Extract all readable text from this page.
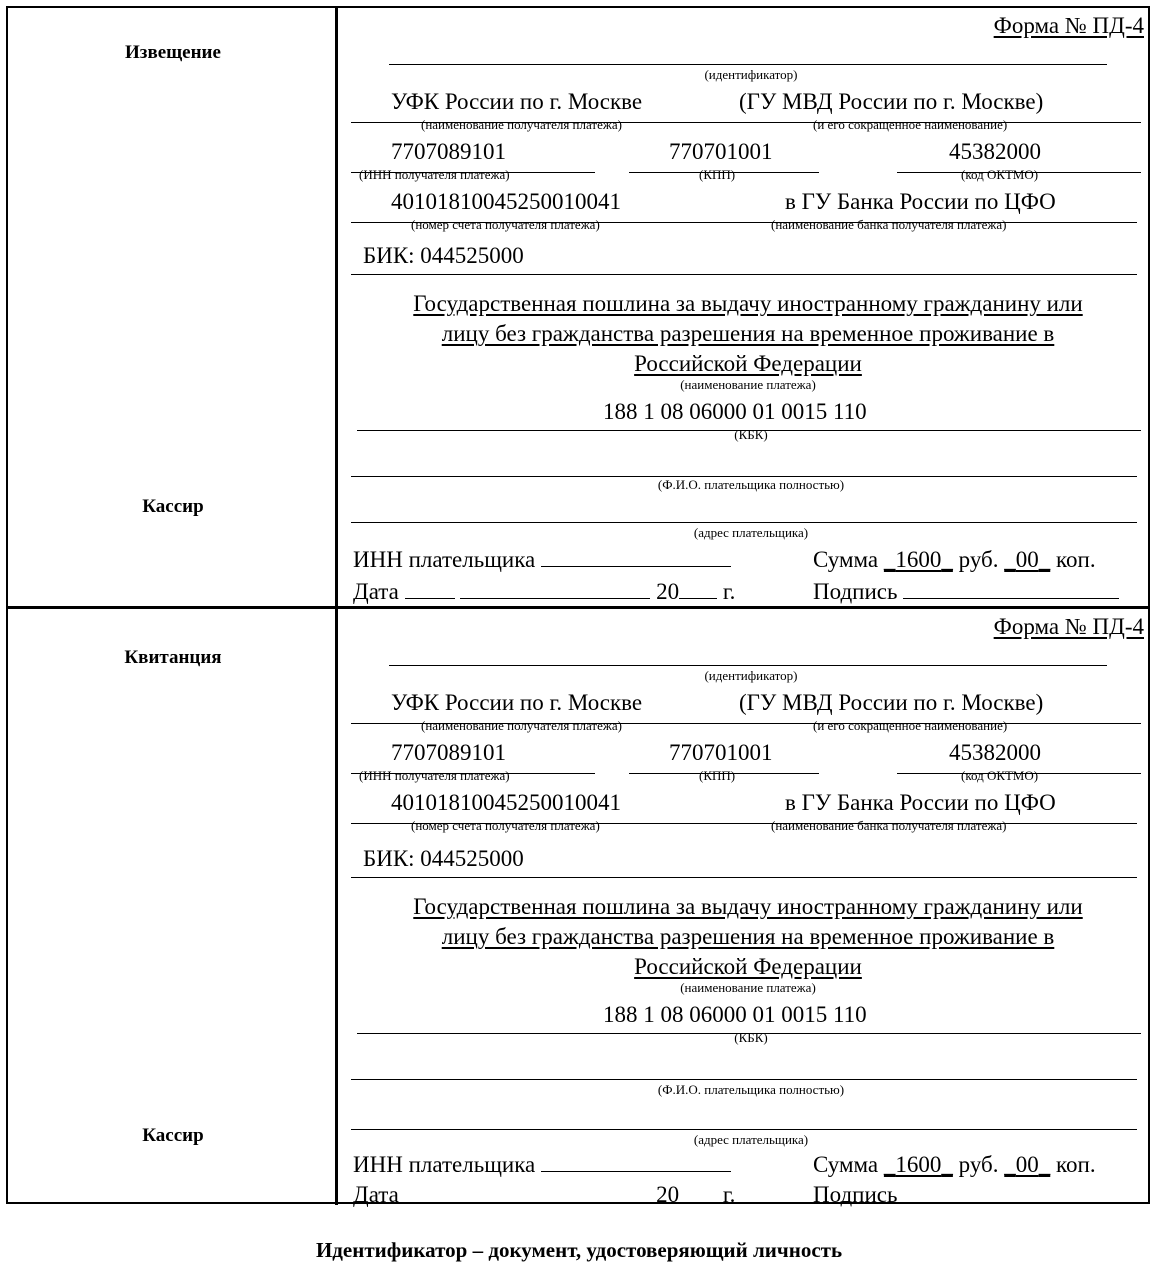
Извещение
Кассир
Форма № ПД-4
(идентификатор)
УФК России по г. Москве	(ГУ МВД России по г. Москве)
(наименование получателя платежа)	(и его сокращенное наименование)
7707089101	770701001	45382000
(ИНН получателя платежа)	(КПП)	(код ОКТМО)
40101810045250010041	в ГУ Банка России по ЦФО
(номер счета получателя платежа)	(наименование банка получателя платежа)
БИК: 044525000
Государственная пошлина за выдачу иностранному гражданину или
лицу без гражданства разрешения на временное проживание в
Российской Федерации
(наименование платежа)
188 1 08 06000 01 0015 110
(КБК)
(Ф.И.О. плательщика полностью)
(адрес плательщика)
ИНН плательщика	Сумма _1600_ руб. _00_ коп.
Дата	20 г.	Подпись
Квитанция
Кассир
Форма № ПД-4
(идентификатор)
УФК России по г. Москве	(ГУ МВД России по г. Москве)
(наименование получателя платежа)	(и его сокращенное наименование)
7707089101	770701001	45382000
(ИНН получателя платежа)	(КПП)	(код ОКТМО)
40101810045250010041	в ГУ Банка России по ЦФО
(номер счета получателя платежа)	(наименование банка получателя платежа)
БИК: 044525000
Государственная пошлина за выдачу иностранному гражданину или
лицу без гражданства разрешения на временное проживание в
Российской Федерации
(наименование платежа)
188 1 08 06000 01 0015 110
(КБК)
(Ф.И.О. плательщика полностью)
(адрес плательщика)
ИНН плательщика	Сумма _1600_ руб. _00_ коп.
Дата	20 г.	Подпись
Идентификатор – документ, удостоверяющий личность
